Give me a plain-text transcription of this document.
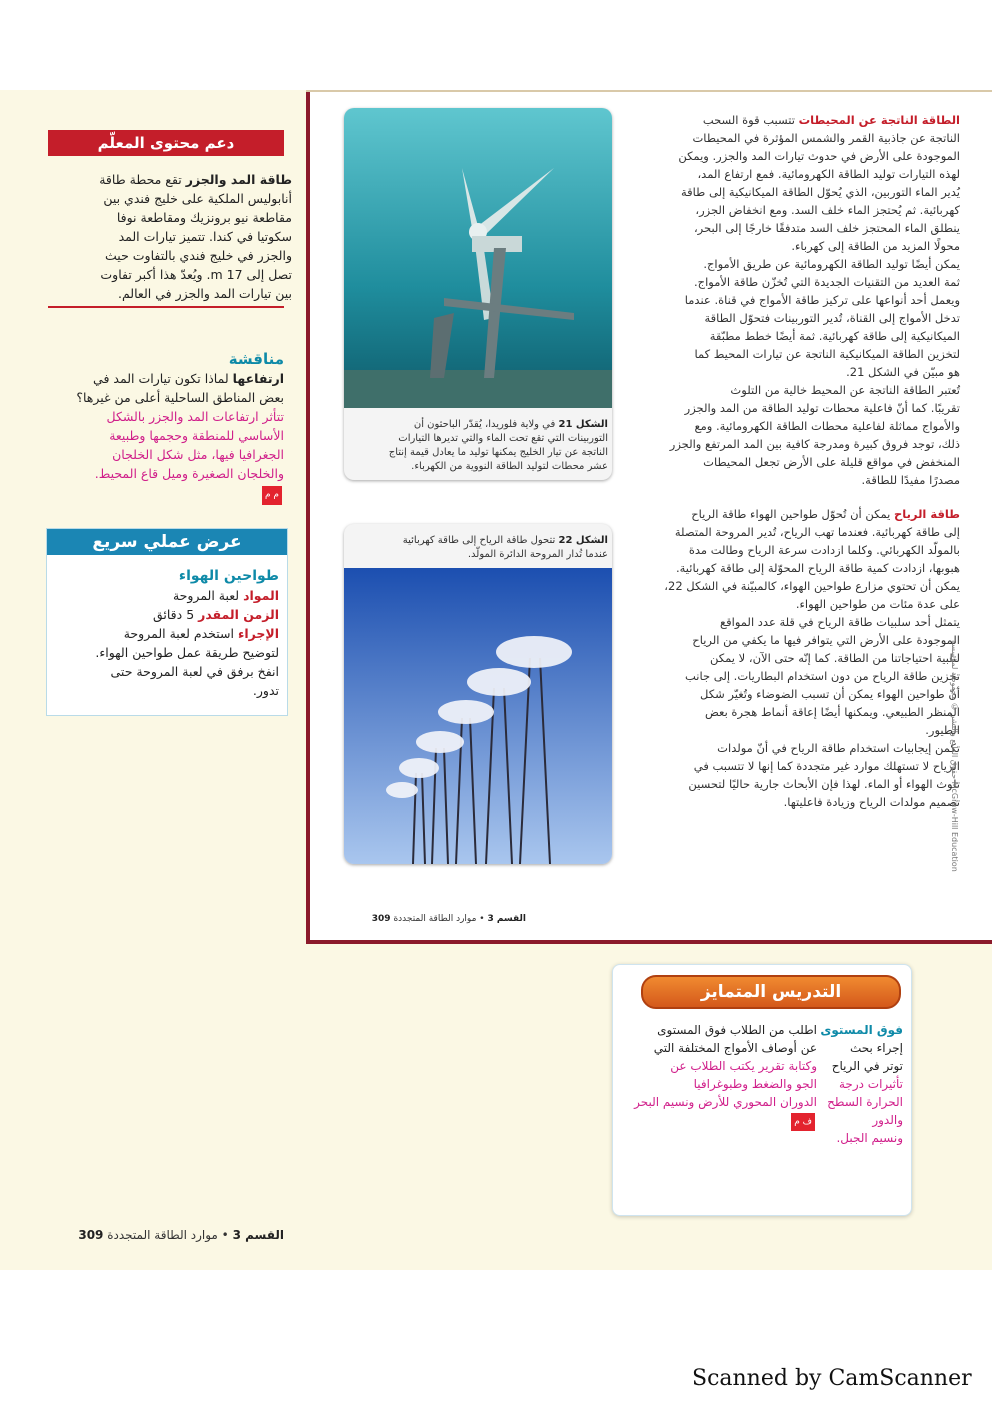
دعم محتوى المعلّم
طاقة المد والجزر تقع محطة طاقة
أنابوليس الملكية على خليج فندي بين
مقاطعة نيو برونزيك ومقاطعة نوفا
سكوتيا في كندا. تتميز تيارات المد
والجزر في خليج فندي بالتفاوت حيث
تصل إلى m 17. ويُعدّ هذا أكبر تفاوت
بين تيارات المد والجزر في العالم.
مناقشة
ارتفاعها لماذا تكون تيارات المد في
بعض المناطق الساحلية أعلى من غيرها؟
تتأثر ارتفاعات المد والجزر بالشكل
الأساسي للمنطقة وحجمها وطبيعة
الجغرافيا فيها، مثل شكل الخلجان
والخلجان الصغيرة وميل قاع المحيط.
م م
عرض عملي سريع
طواحين الهواء
المواد لعبة المروحة
الزمن المقدر 5 دقائق
الإجراء استخدم لعبة المروحة
لتوضيح طريقة عمل طواحين الهواء.
انفخ برفق في لعبة المروحة حتى
تدور.
الشكل 21 في ولاية فلوريدا، يُقدّر الباحثون أن
التوربينات التي تقع تحت الماء والتي تديرها التيارات
الناتجة عن تيار الخليج يمكنها توليد ما يعادل قيمة إنتاج
عشر محطات لتوليد الطاقة النووية من الكهرباء.
الشكل 22 تتحول طاقة الرياح إلى طاقة كهربائية
عندما تُدار المروحة الدائرة المولّد.

الطاقة الناتجة عن المحيطات تتسبب قوة السحب

الناتجة عن جاذبية القمر والشمس المؤثرة في المحيطات

الموجودة على الأرض في حدوث تيارات المد والجزر. ويمكن

لهذه التيارات توليد الطاقة الكهرومائية. فمع ارتفاع المد،

يُدير الماء التوربين، الذي يُحوّل الطاقة الميكانيكية إلى طاقة

كهربائية. ثم يُحتجز الماء خلف السد. ومع انخفاض الجزر،

ينطلق الماء المحتجز خلف السد متدفقًا خارجًا إلى البحر،

محولًا المزيد من الطاقة إلى كهرباء.

يمكن أيضًا توليد الطاقة الكهرومائية عن طريق الأمواج.

ثمة العديد من التقنيات الجديدة التي تُخزّن طاقة الأمواج.

ويعمل أحد أنواعها على تركيز طاقة الأمواج في قناة. عندما

تدخل الأمواج إلى القناة، تُدير التوربينات فتحوّل الطاقة

الميكانيكية إلى طاقة كهربائية. ثمة أيضًا خطط مطبّقة

لتخزين الطاقة الميكانيكية الناتجة عن تيارات المحيط كما

هو مبيّن في الشكل 21.

تُعتبر الطاقة الناتجة عن المحيط خالية من التلوث

تقريبًا. كما أنّ فاعلية محطات توليد الطاقة من المد والجزر

والأمواج مماثلة لفاعلية محطات الطاقة الكهرومائية. ومع

ذلك، توجد فروق كبيرة ومدرجة كافية بين المد المرتفع والجزر

المنخفض في مواقع قليلة على الأرض تجعل المحيطات

مصدرًا مفيدًا للطاقة.

طاقة الرياح يمكن أن تُحوّل طواحين الهواء طاقة الرياح

إلى طاقة كهربائية. فعندما تهب الرياح، تُدير المروحة المتصلة

بالمولّد الكهربائي. وكلما ازدادت سرعة الرياح وطالت مدة

هبوبها، ازدادت كمية طاقة الرياح المحوّلة إلى طاقة كهربائية.

يمكن أن تحتوي مزارع طواحين الهواء، كالمبيّنة في الشكل 22،

على عدة مئات من طواحين الهواء.

يتمثل أحد سلبيات طاقة الرياح في قلة عدد المواقع

الموجودة على الأرض التي يتوافر فيها ما يكفي من الرياح

لتلبية احتياجاتنا من الطاقة. كما إنّه حتى الآن، لا يمكن

تخزين طاقة الرياح من دون استخدام البطاريات. إلى جانب

أنّ طواحين الهواء يمكن أن تسبب الضوضاء وتُغيّر شكل

المنظر الطبيعي. ويمكنها أيضًا إعاقة أنماط هجرة بعض

الطيور.

تكمن إيجابيات استخدام طاقة الرياح في أنّ مولدات

الرياح لا تستهلك موارد غير متجددة كما إنها لا تتسبب في

تلوث الهواء أو الماء. لهذا فإن الأبحاث جارية حاليًا لتحسين

تصميم مولدات الرياح وزيادة فاعليتها.

حقوق الطبع والنشر © محفوظة لمؤسسة McGraw-Hill Education
القسم 3 • موارد الطاقة المتجددة 309
التدريس المتمايز
فوق المستوى
إجراء بحث
توتر في الرياح
تأثيرات درجة
الحرارة السطح والدور
ونسيم الجبل.
اطلب من الطلاب فوق المستوى
عن أوصاف الأمواج المختلفة التي
وكتابة تقرير يكتب الطلاب عن
الجو والضغط وطبوغرافيا
الدوران المحوري للأرض ونسيم البحر
ف م
القسم 3 • موارد الطاقة المتجددة 309
Scanned by CamScanner
